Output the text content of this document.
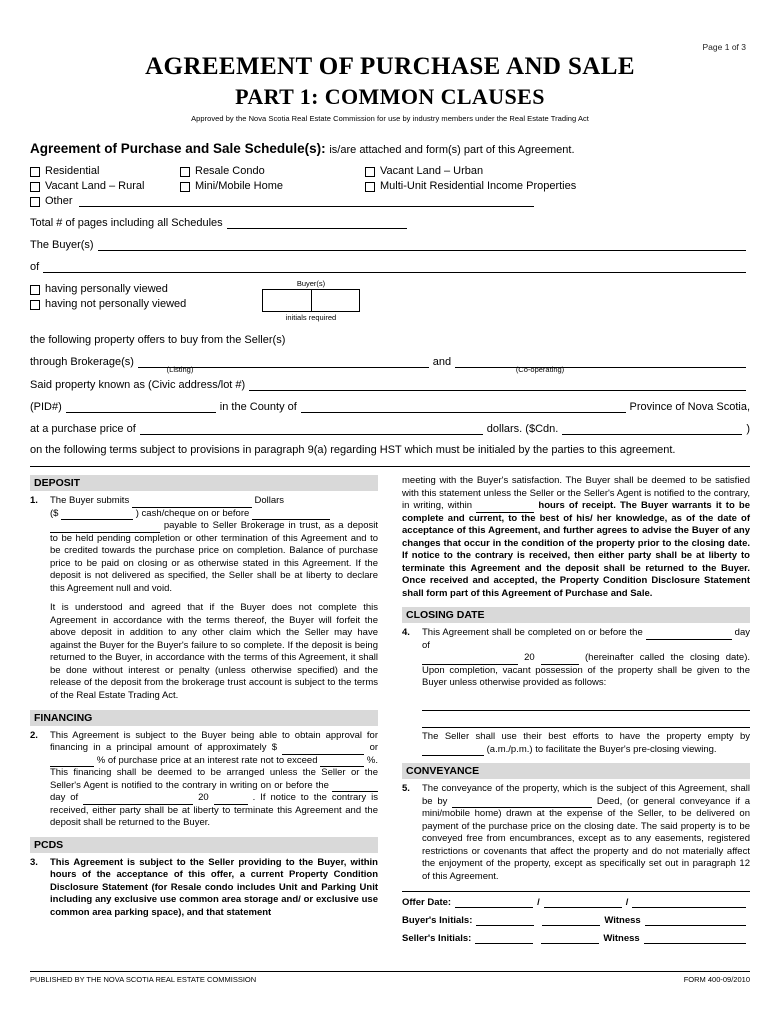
Page 1 of 3
AGREEMENT OF PURCHASE AND SALE
PART 1: COMMON CLAUSES
Approved by the Nova Scotia Real Estate Commission for use by industry members under the Real Estate Trading Act
Agreement of Purchase and Sale Schedule(s): is/are attached and form(s) part of this Agreement.
Residential	Resale Condo	Vacant Land – Urban
Vacant Land – Rural	Mini/Mobile Home	Multi-Unit Residential Income Properties
Other
Total # of pages including all Schedules
The Buyer(s)
of
having personally viewed
having not personally viewed
Buyer(s)
initials required
the following property offers to buy from the Seller(s)
through Brokerage(s)	and
(Listing)	(Co-operating)
Said property known as (Civic address/lot #)
(PID#)	in the County of	Province of Nova Scotia,
at a purchase price of	dollars. ($Cdn.	)
on the following terms subject to provisions in paragraph 9(a) regarding HST which must be initialed by the parties to this agreement.
DEPOSIT
1.	The Buyer submits	Dollars
($	) cash/cheque on or before
payable to Seller Brokerage in trust, as a deposit to be held pending completion or other termination of this Agreement and to be credited towards the purchase price on completion. Balance of purchase price to be paid on closing or as otherwise stated in this Agreement. If the deposit is not delivered as specified, the Seller shall be at liberty to declare this Agreement null and void.
It is understood and agreed that if the Buyer does not complete this Agreement in accordance with the terms thereof, the Buyer will forfeit the above deposit in addition to any other claim which the Seller may have against the Buyer for the Buyer's failure to so complete. If the deposit is being returned to the Buyer, in accordance with the terms of this Agreement, it shall be done without interest or penalty (unless otherwise specified) and the release of the deposit from the brokerage trust account is subject to the terms of the Real Estate Trading Act.
FINANCING
2.	This Agreement is subject to the Buyer being able to obtain approval for financing in a principal amount of approximately $	or  % of purchase price at an interest rate not to exceed	%. This financing shall be deemed to be arranged unless the Seller or the Seller's Agent is notified to the contrary in writing on or before the  day of	20	. If notice to the contrary is received, either party shall be at liberty to terminate this Agreement and the deposit shall be returned to the Buyer.
PCDS
3.	This Agreement is subject to the Seller providing to the Buyer, within hours of the acceptance of this offer, a current Property Condition Disclosure Statement (for Resale condo includes Unit and Parking Unit including any exclusive use common area storage and/ or exclusive use common area parking space), and that statement
meeting with the Buyer's satisfaction. The Buyer shall be deemed to be satisfied with this statement unless the Seller or the Seller's Agent is notified to the contrary, in writing, within	hours of receipt. The Buyer warrants it to be complete and current, to the best of his/ her knowledge, as of the date of acceptance of this Agreement, and further agrees to advise the Buyer of any changes that occur in the condition of the property prior to the closing date. If notice to the contrary is received, then either party shall be at liberty to terminate this Agreement and the deposit shall be returned to the Buyer. Once received and accepted, the Property Condition Disclosure Statement shall form part of this Agreement of Purchase and Sale.
CLOSING DATE
4.	This Agreement shall be completed on or before the	day of
20	(hereinafter called the closing date). Upon completion, vacant possession of the property shall be given to the Buyer unless otherwise provided as follows:
The Seller shall use their best efforts to have the property empty by  (a.m./p.m.) to facilitate the Buyer's pre-closing viewing.
CONVEYANCE
5.	The conveyance of the property, which is the subject of this Agreement, shall be by	Deed, (or general conveyance if a mini/mobile home) drawn at the expense of the Seller, to be delivered on payment of the purchase price on the closing date. The said property is to be conveyed free from encumbrances, except as to any easements, registered restrictions or covenants that affect the property and do not materially affect the enjoyment of the property, except as specifically set out in paragraph 12 of this Agreement.
Offer Date:	/	/
Buyer's Initials:	Witness
Seller's Initials:	Witness
PUBLISHED BY THE NOVA SCOTIA REAL ESTATE COMMISSION	FORM 400-09/2010
